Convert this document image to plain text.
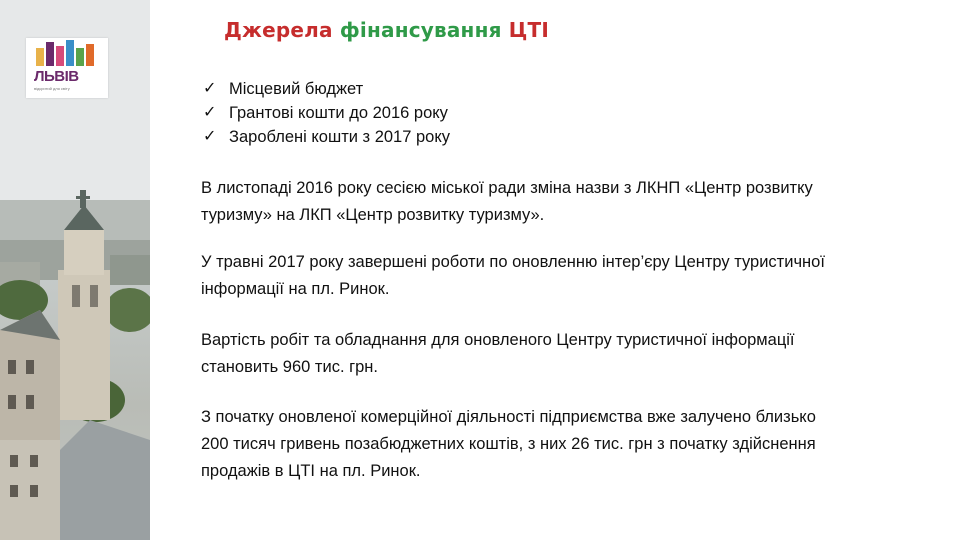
ЛЬВІВ
відкритий для світу
Джерела фінансування ЦТІ
✓ Місцевий бюджет
✓ Грантові кошти до 2016 року
✓ Зароблені кошти з 2017 року

В листопаді 2016 року сесією міської ради зміна назви з ЛКНП «Центр розвитку туризму» на ЛКП «Центр розвитку туризму».

У травні 2017 року завершені роботи по оновленню інтер’єру Центру туристичної інформації на пл. Ринок.

Вартість робіт та обладнання для оновленого Центру туристичної інформації становить 960 тис. грн.

З початку оновленої комерційної діяльності підприємства вже залучено близько 200 тисяч гривень позабюджетних коштів, з них 26 тис. грн з початку здійснення продажів в ЦТІ на пл. Ринок.
